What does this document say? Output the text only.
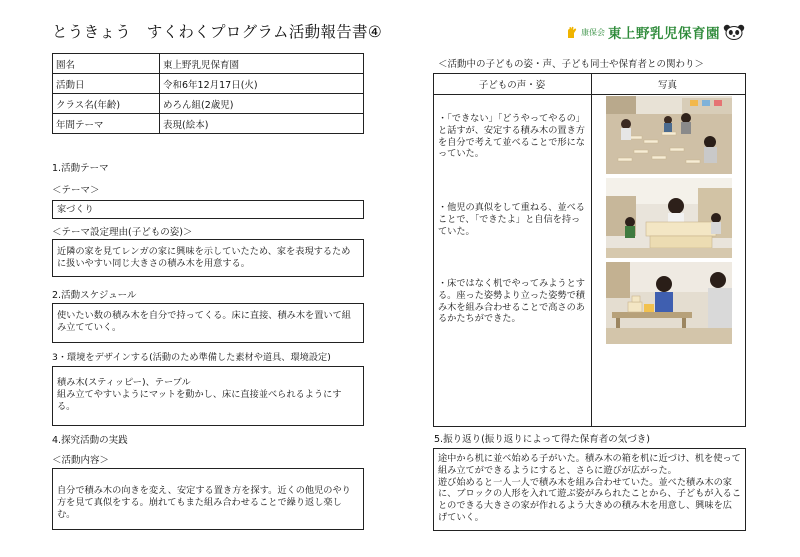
とうきょう　すくわくプログラム活動報告書④	康保会 東上野乳児保育園
園名	東上野乳児保育園
活動日	令和6年12月17日(火)
クラス名(年齢)	めろん組(2歳児)
年間テーマ	表現(絵本)
1.活動テーマ
＜テーマ＞
家づくり
＜テーマ設定理由(子どもの姿)＞
近隣の家を見てレンガの家に興味を示していたため、家を表現するために扱いやすい同じ大きさの積み木を用意する。
2.活動スケジュール
使いたい数の積み木を自分で持ってくる。床に直接、積み木を置いて組み立てていく。
3・環境をデザインする(活動のため準備した素材や道具、環境設定)
積み木(スティッピー)、テーブル
組み立てやすいようにマットを動かし、床に直接並べられるようにする。
4.探究活動の実践
＜活動内容＞
自分で積み木の向きを変え、安定する置き方を探す。近くの他児のやり方を見て真似をする。崩れてもまた組み合わせることで繰り返し楽しむ。
＜活動中の子どもの姿・声、子ども同士や保育者との関わり＞
子どもの声・姿	写真
・「できない」「どうやってやるの」と話すが、安定する積み木の置き方を自分で考えて並べることで形になっていた。
・他児の真似をして重ねる、並べることで、「できたよ」と自信を持っていた。
・床ではなく机でやってみようとする。座った姿勢より立った姿勢で積み木を組み合わせることで高さのあるかたちができた。
5.振り返り(振り返りによって得た保育者の気づき)
途中から机に並べ始める子がいた。積み木の箱を机に近づけ、机を使って組み立てができるようにすると、さらに遊びが広がった。
遊び始めると一人一人で積み木を組み合わせていた。並べた積み木の家に、ブロックの人形を入れて遊ぶ姿がみられたことから、子どもが入ることのできる大きさの家が作れるよう大きめの積み木を用意し、興味を広げていく。
